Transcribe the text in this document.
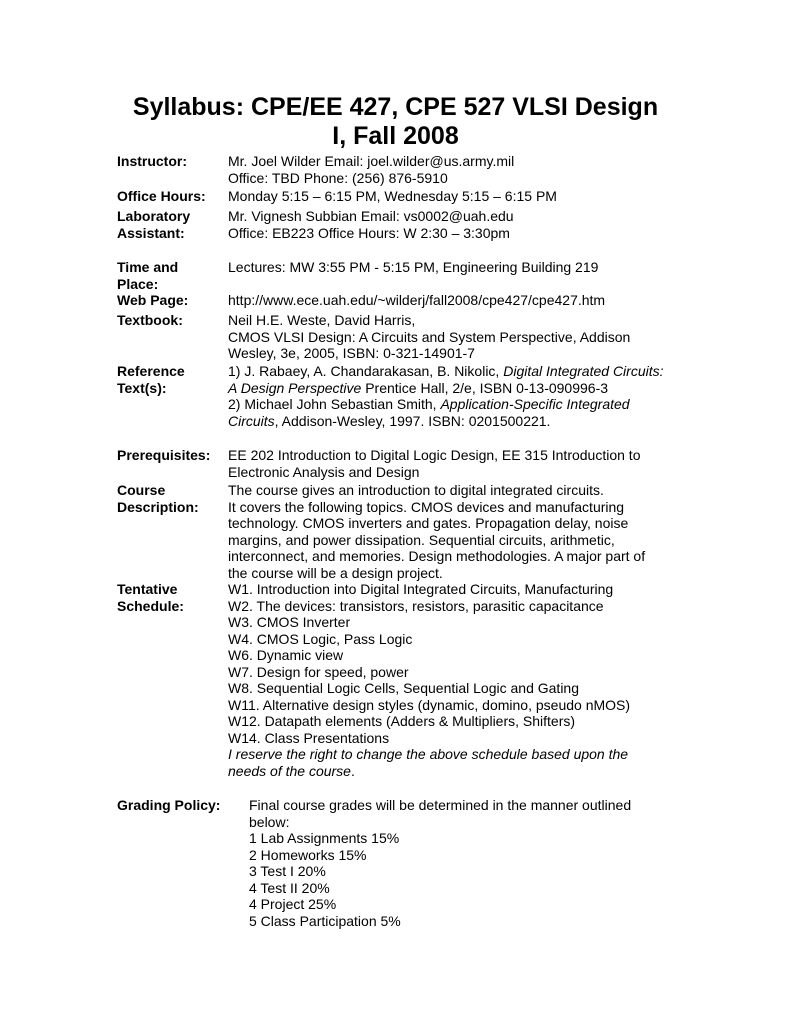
Syllabus: CPE/EE 427, CPE 527 VLSI Design
I, Fall 2008
Instructor:	Mr. Joel Wilder Email: joel.wilder@us.army.mil
Office: TBD Phone: (256) 876-5910
Office Hours: Monday 5:15 – 6:15 PM, Wednesday 5:15 – 6:15 PM
Laboratory
Assistant:
Mr. Vignesh Subbian Email: vs0002@uah.edu
Office: EB223 Office Hours: W 2:30 – 3:30pm
Time and
Place:
Lectures: MW 3:55 PM - 5:15 PM, Engineering Building 219
Web Page:	http://www.ece.uah.edu/~wilderj/fall2008/cpe427/cpe427.htm
Textbook:	Neil H.E. Weste, David Harris,
CMOS VLSI Design: A Circuits and System Perspective, Addison
Wesley, 3e, 2005, ISBN: 0-321-14901-7
Reference
Text(s):
1) J. Rabaey, A. Chandarakasan, B. Nikolic, Digital Integrated Circuits:
A Design Perspective Prentice Hall, 2/e, ISBN 0-13-090996-3
2) Michael John Sebastian Smith, Application-Specific Integrated
Circuits, Addison-Wesley, 1997. ISBN: 0201500221.
Prerequisites: EE 202 Introduction to Digital Logic Design, EE 315 Introduction to
Electronic Analysis and Design
Course
Description:
The course gives an introduction to digital integrated circuits.
It covers the following topics. CMOS devices and manufacturing
technology. CMOS inverters and gates. Propagation delay, noise
margins, and power dissipation. Sequential circuits, arithmetic,
interconnect, and memories. Design methodologies. A major part of
the course will be a design project.
Tentative
Schedule:
W1. Introduction into Digital Integrated Circuits, Manufacturing
W2. The devices: transistors, resistors, parasitic capacitance
W3. CMOS Inverter
W4. CMOS Logic, Pass Logic
W6. Dynamic view
W7. Design for speed, power
W8. Sequential Logic Cells, Sequential Logic and Gating
W11. Alternative design styles (dynamic, domino, pseudo nMOS)
W12. Datapath elements (Adders & Multipliers, Shifters)
W14. Class Presentations
I reserve the right to change the above schedule based upon the
needs of the course.
Grading Policy: Final course grades will be determined in the manner outlined
below:
1 Lab Assignments 15%
2 Homeworks 15%
3 Test I 20%
4 Test II 20%
4 Project 25%
5 Class Participation 5%
